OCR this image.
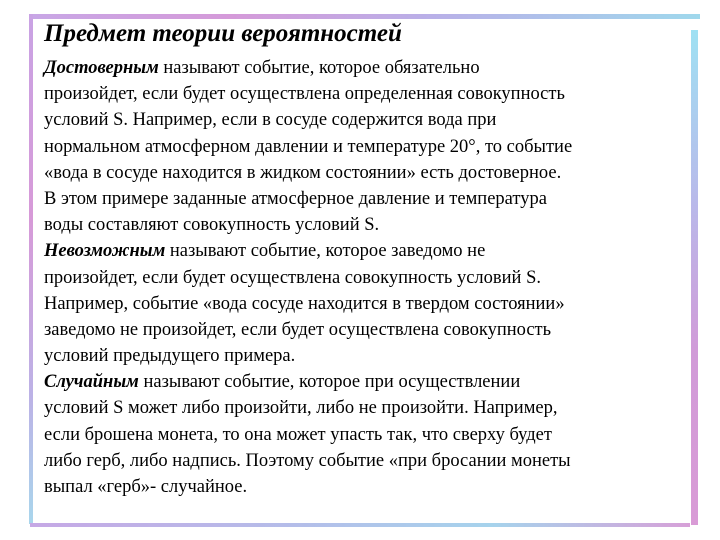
Предмет теории вероятностей
Достоверным называют событие, которое обязательно
произойдет, если будет осуществлена определенная совокупность
условий S. Например, если в сосуде содержится вода при
нормальном атмосферном давлении и температуре 20°, то событие
«вода в сосуде находится в жидком состоянии» есть достоверное.
В этом примере заданные атмосферное давление и температура
воды составляют совокупность условий S.
Невозможным называют событие, которое заведомо не
произойдет, если будет осуществлена совокупность условий S.
Например, событие «вода сосуде находится в твердом состоянии»
заведомо не произойдет, если будет осуществлена совокупность
условий предыдущего примера.
Случайным называют событие, которое при осуществлении
условий S может либо произойти, либо не произойти. Например,
если брошена монета, то она может упасть так, что сверху будет
либо герб, либо надпись. Поэтому событие «при бросании монеты
выпал «герб»- случайное.
